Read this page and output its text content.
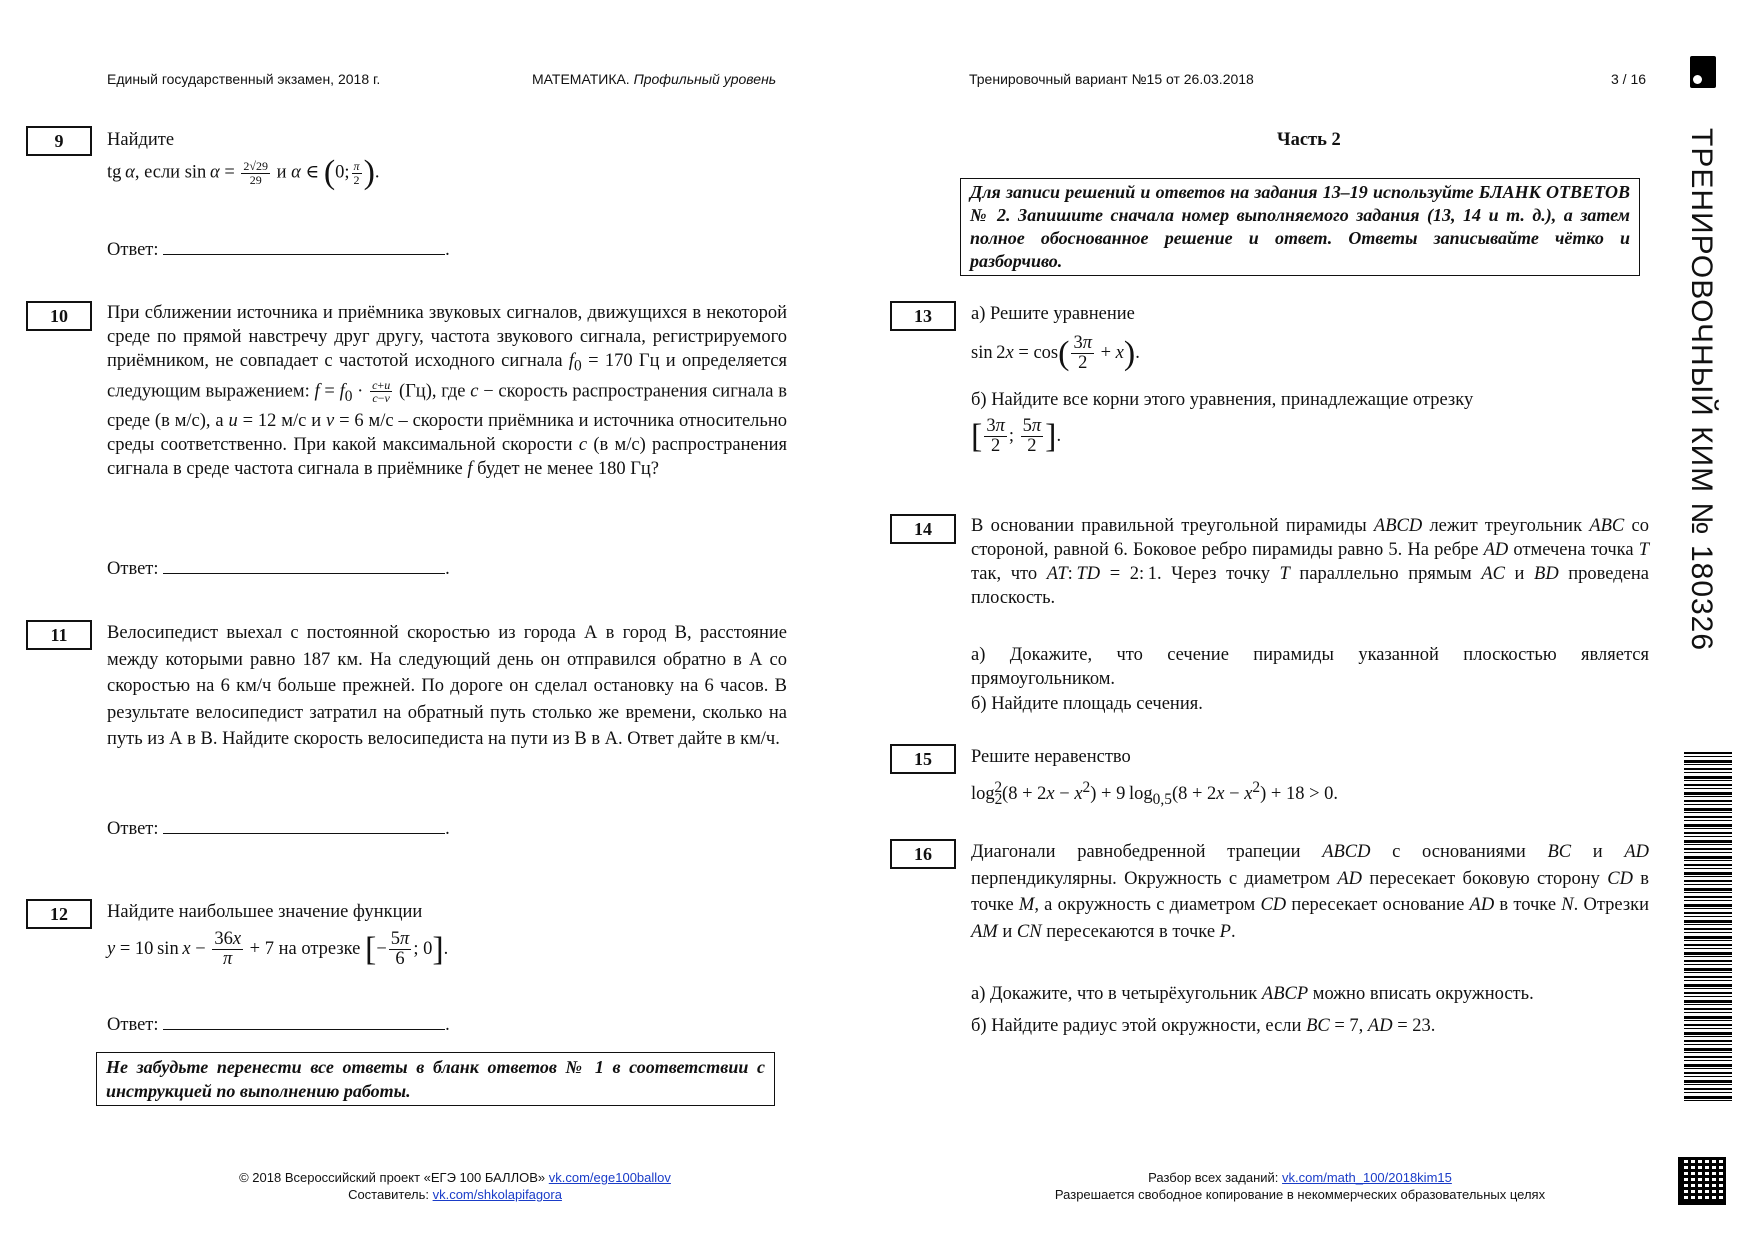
Единый государственный экзамен, 2018 г.	МАТЕМАТИКА. Профильный уровень	Тренировочный вариант №15 от 26.03.2018	3 / 16
ТРЕНИРОВОЧНЫЙ КИМ № 180326
9	Найдите
tg α, если $\sin \alpha = \frac{2√29}{29}$ и α ∈ (0; $\frac{\pi}{2}$ ).
Ответ:	.
10	При сближении источника и приёмника звуковых сигналов, движущихся в некоторой среде по прямой навстречу друг другу, частота звукового сигнала, регистрируемого приёмником, не совпадает с частотой исходного сигнала $f_0 = 170$ Гц и определяется следующим выражением: $f = f_0 \cdot \frac{c+u}{c-v} (Гц)$, где c − скорость распространения сигнала в среде (в м/с), а u = 12 м/с и v = 6 м/с – скорости приёмника и источника относительно среды соответственно. При какой максимальной скорости c (в м/с) распространения сигнала в среде частота сигнала в приёмнике f будет не менее 180 Гц?
Ответ:	.
11	Велосипедист выехал с постоянной скоростью из города А в город В, расстояние между которыми равно 187 км. На следующий день он отправился обратно в А со скоростью на 6 км/ч больше прежней. По дороге он сделал остановку на 6 часов. В результате велосипедист затратил на обратный путь столько же времени, сколько на путь из А в В. Найдите скорость велосипедиста на пути из В в А. Ответ дайте в км/ч.
Ответ:	.
12	Найдите наибольшее значение функции
y = 10 $\sin x - \frac{36x}{\pi} + 7$ на отрезке [− $\frac{5\pi}{6}$ ; 0].
Ответ:	.
Не забудьте перенести все ответы в бланк ответов № 1 в соответствии с инструкцией по выполнению работы.
Часть 2
Для записи решений и ответов на задания 13–19 используйте БЛАНК ОТВЕТОВ № 2. Запишите сначала номер выполняемого задания (13, 14 и т. д.), а затем полное обоснованное решение и ответ. Ответы записывайте чётко и разборчиво.
13	а) Решите уравнение
$\sin 2x = \cos( \frac{3\pi}{2} + x)$.
б) Найдите все корни этого уравнения, принадлежащие отрезку
[ $\frac{3\pi}{2}$ ; $\frac{5\pi}{2}$ ].
14	В основании правильной треугольной пирамиды ABCD лежит треугольник ABC со стороной, равной 6. Боковое ребро пирамиды равно 5. На ребре AD отмечена точка T так, что AT: TD = 2: 1. Через точку T параллельно прямым AC и BD проведена плоскость.
а) Докажите, что сечение пирамиды указанной плоскостью является прямоугольником.
б) Найдите площадь сечения.
15	Решите неравенство
$\log_2^2(8 + 2x - x^2) + 9$ $\log_{0,5}(8 + 2x - x^2) + 18 > 0$.
16	Диагонали равнобедренной трапеции ABCD с основаниями BC и AD перпендикулярны. Окружность с диаметром AD пересекает боковую сторону CD в точке M, а окружность с диаметром CD пересекает основание AD в точке N. Отрезки AM и CN пересекаются в точке P.
а) Докажите, что в четырёхугольник ABCP можно вписать окружность.
б) Найдите радиус этой окружности, если BC = 7, AD = 23.
© 2018 Всероссийский проект «ЕГЭ 100 БАЛЛОВ» vk.com/ege100ballov
Составитель: vk.com/shkolapifagora
Разбор всех заданий: vk.com/math_100/2018kim15
Разрешается свободное копирование в некоммерческих образовательных целях
